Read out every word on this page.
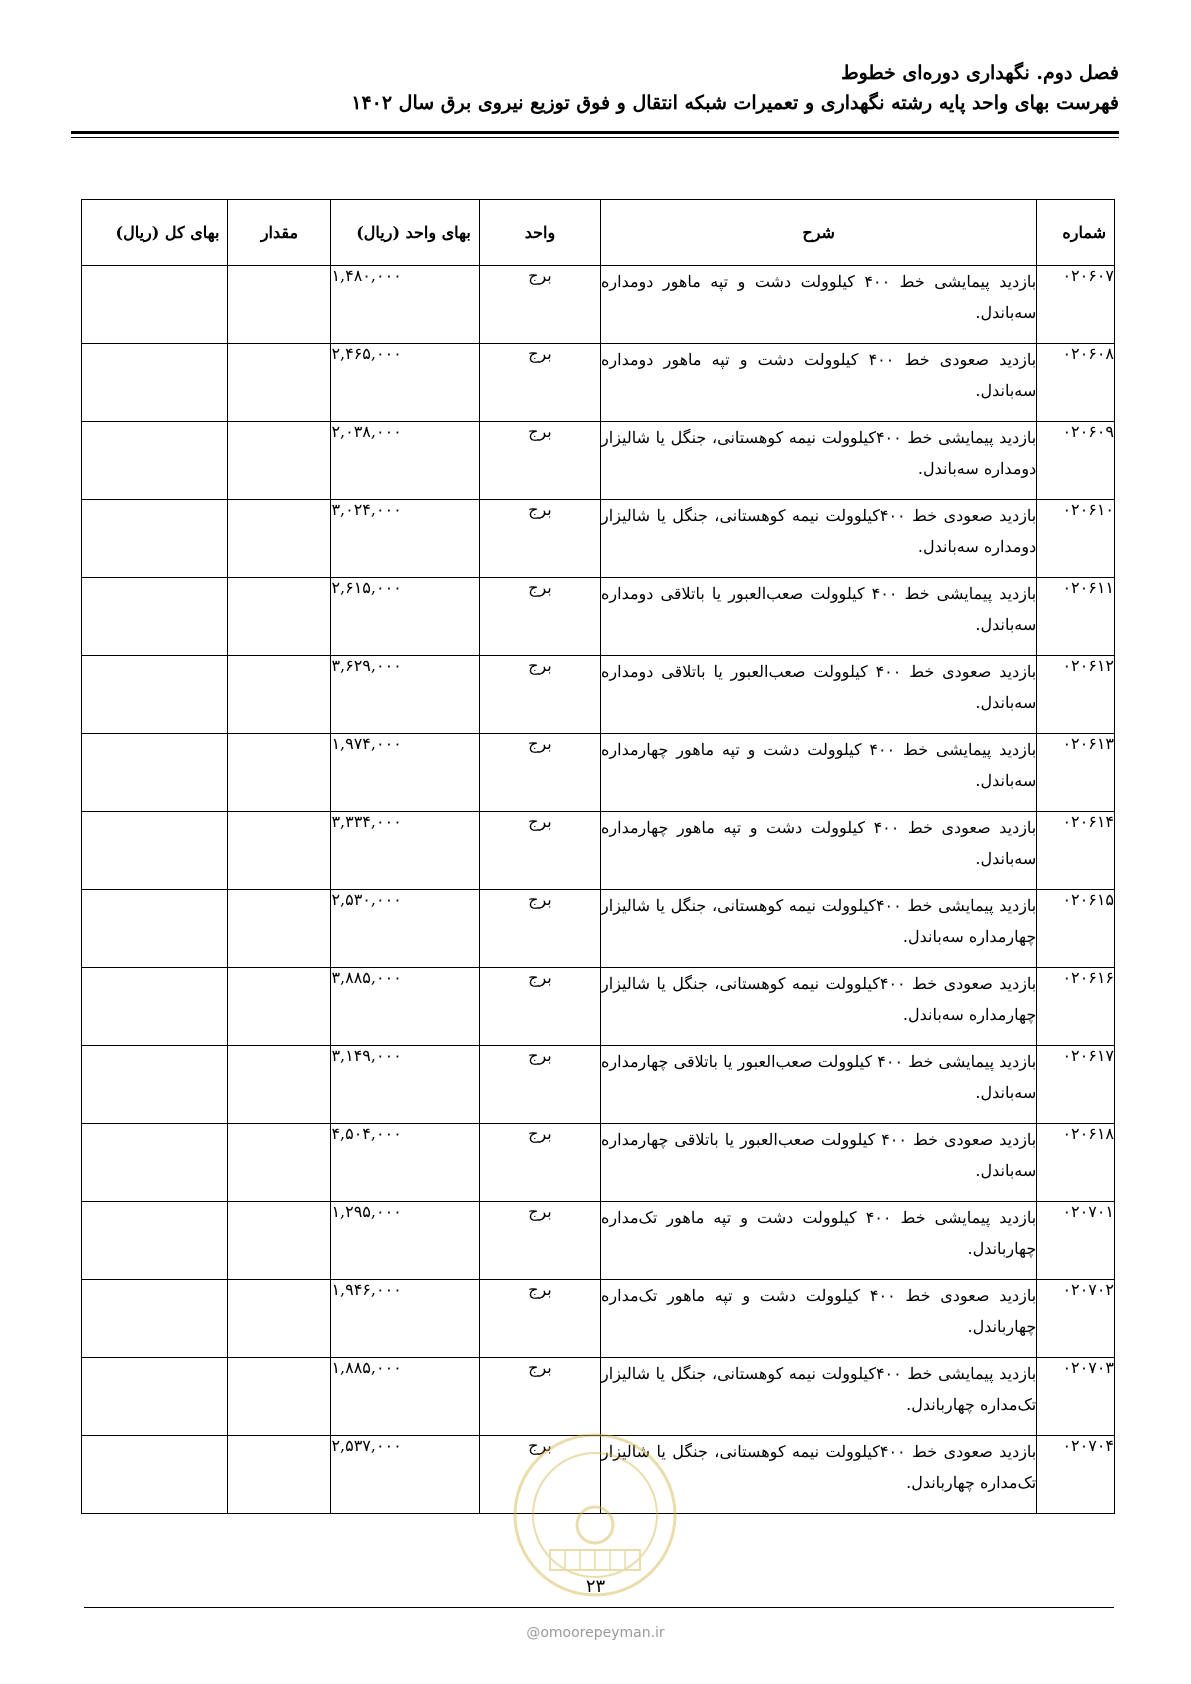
فصل دوم. نگهداری دوره‌ای خطوط
فهرست بهای واحد پایه رشته نگهداری و تعمیرات شبکه انتقال و فوق توزیع نیروی برق سال ۱۴۰۲
شماره	شرح	واحد	بهای واحد (ریال)	مقدار	بهای کل (ریال)
۰۲۰۶۰۷	بازدید پیمایشی خط ۴۰۰ کیلوولت دشت و تپه ماهور دومداره سه‌باندل.	برج	۱,۴۸۰,۰۰۰		
۰۲۰۶۰۸	بازدید صعودی خط ۴۰۰ کیلوولت دشت و تپه ماهور دومداره سه‌باندل.	برج	۲,۴۶۵,۰۰۰		
۰۲۰۶۰۹	بازدید پیمایشی خط ۴۰۰کیلوولت نیمه کوهستانی، جنگل یا شالیزار دومداره سه‌باندل.	برج	۲,۰۳۸,۰۰۰		
۰۲۰۶۱۰	بازدید صعودی خط ۴۰۰کیلوولت نیمه کوهستانی، جنگل یا شالیزار دومداره سه‌باندل.	برج	۳,۰۲۴,۰۰۰		
۰۲۰۶۱۱	بازدید پیمایشی خط ۴۰۰ کیلوولت صعب‌العبور یا باتلاقی دومداره سه‌باندل.	برج	۲,۶۱۵,۰۰۰		
۰۲۰۶۱۲	بازدید صعودی خط ۴۰۰ کیلوولت صعب‌العبور یا باتلاقی دومداره سه‌باندل.	برج	۳,۶۲۹,۰۰۰		
۰۲۰۶۱۳	بازدید پیمایشی خط ۴۰۰ کیلوولت دشت و تپه ماهور چهارمداره سه‌باندل.	برج	۱,۹۷۴,۰۰۰		
۰۲۰۶۱۴	بازدید صعودی خط ۴۰۰ کیلوولت دشت و تپه ماهور چهارمداره سه‌باندل.	برج	۳,۳۳۴,۰۰۰		
۰۲۰۶۱۵	بازدید پیمایشی خط ۴۰۰کیلوولت نیمه کوهستانی، جنگل یا شالیزار چهارمداره سه‌باندل.	برج	۲,۵۳۰,۰۰۰		
۰۲۰۶۱۶	بازدید صعودی خط ۴۰۰کیلوولت نیمه کوهستانی، جنگل یا شالیزار چهارمداره سه‌باندل.	برج	۳,۸۸۵,۰۰۰		
۰۲۰۶۱۷	بازدید پیمایشی خط ۴۰۰ کیلوولت صعب‌العبور یا باتلاقی چهارمداره سه‌باندل.	برج	۳,۱۴۹,۰۰۰		
۰۲۰۶۱۸	بازدید صعودی خط ۴۰۰ کیلوولت صعب‌العبور یا باتلاقی چهارمداره سه‌باندل.	برج	۴,۵۰۴,۰۰۰		
۰۲۰۷۰۱	بازدید پیمایشی خط ۴۰۰ کیلوولت دشت و تپه ماهور تک‌مداره چهارباندل.	برج	۱,۲۹۵,۰۰۰		
۰۲۰۷۰۲	بازدید صعودی خط ۴۰۰ کیلوولت دشت و تپه ماهور تک‌مداره چهارباندل.	برج	۱,۹۴۶,۰۰۰		
۰۲۰۷۰۳	بازدید پیمایشی خط ۴۰۰کیلوولت نیمه کوهستانی، جنگل یا شالیزار تک‌مداره چهارباندل.	برج	۱,۸۸۵,۰۰۰		
۰۲۰۷۰۴	بازدید صعودی خط ۴۰۰کیلوولت نیمه کوهستانی، جنگل یا شالیزار تک‌مداره چهارباندل.	برج	۲,۵۳۷,۰۰۰		
۲۳
@omoorepeyman.ir
